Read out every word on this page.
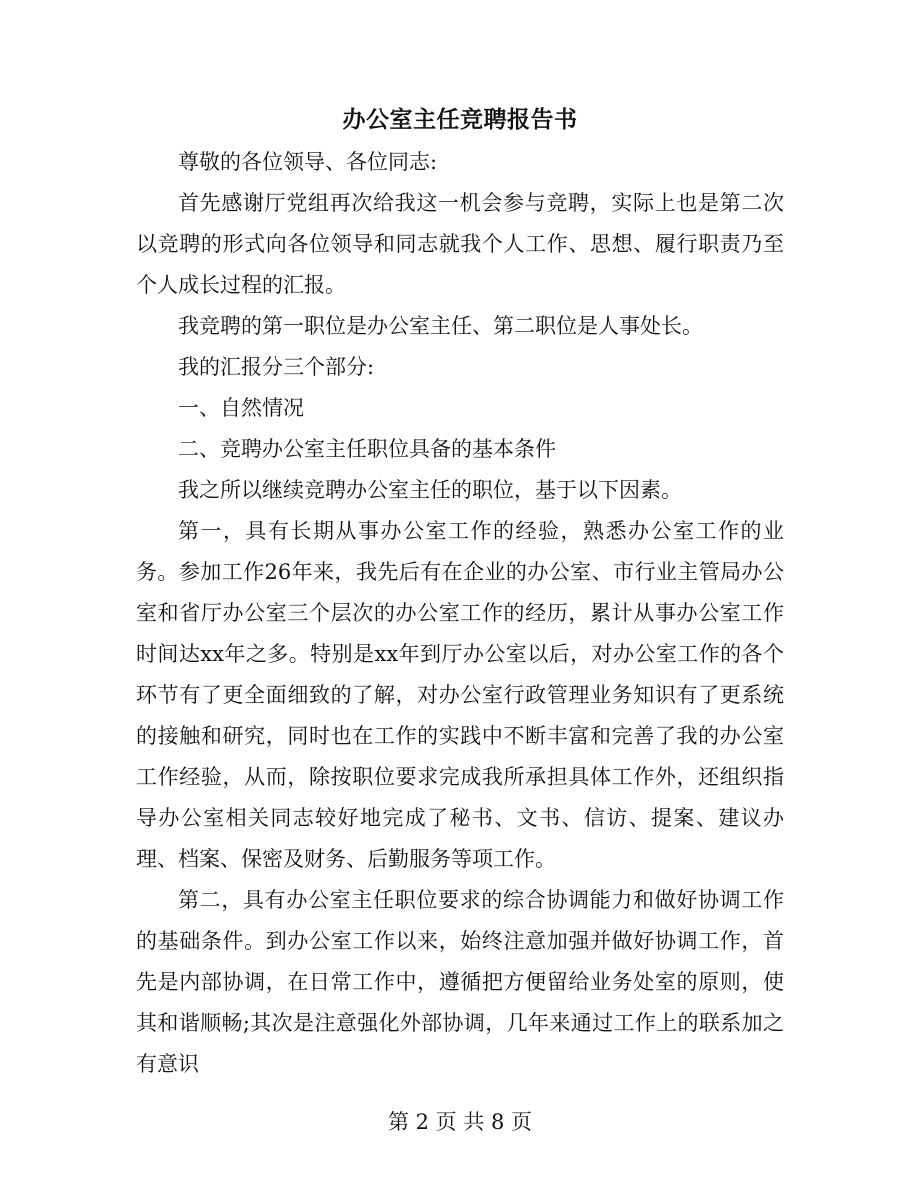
办公室主任竞聘报告书

尊敬的各位领导、各位同志:

首先感谢厅党组再次给我这一机会参与竞聘，实际上也是第二次以竞聘的形式向各位领导和同志就我个人工作、思想、履行职责乃至个人成长过程的汇报。

我竞聘的第一职位是办公室主任、第二职位是人事处长。

我的汇报分三个部分:

一、自然情况

二、竞聘办公室主任职位具备的基本条件

我之所以继续竞聘办公室主任的职位，基于以下因素。

第一，具有长期从事办公室工作的经验，熟悉办公室工作的业务。参加工作26年来，我先后有在企业的办公室、市行业主管局办公室和省厅办公室三个层次的办公室工作的经历，累计从事办公室工作时间达xx年之多。特别是xx年到厅办公室以后，对办公室工作的各个环节有了更全面细致的了解，对办公室行政管理业务知识有了更系统的接触和研究，同时也在工作的实践中不断丰富和完善了我的办公室工作经验，从而，除按职位要求完成我所承担具体工作外，还组织指导办公室相关同志较好地完成了秘书、文书、信访、提案、建议办理、档案、保密及财务、后勤服务等项工作。

第二，具有办公室主任职位要求的综合协调能力和做好协调工作的基础条件。到办公室工作以来，始终注意加强并做好协调工作，首先是内部协调，在日常工作中，遵循把方便留给业务处室的原则，使其和谐顺畅;其次是注意强化外部协调，几年来通过工作上的联系加之有意识

第 2 页 共 8 页
